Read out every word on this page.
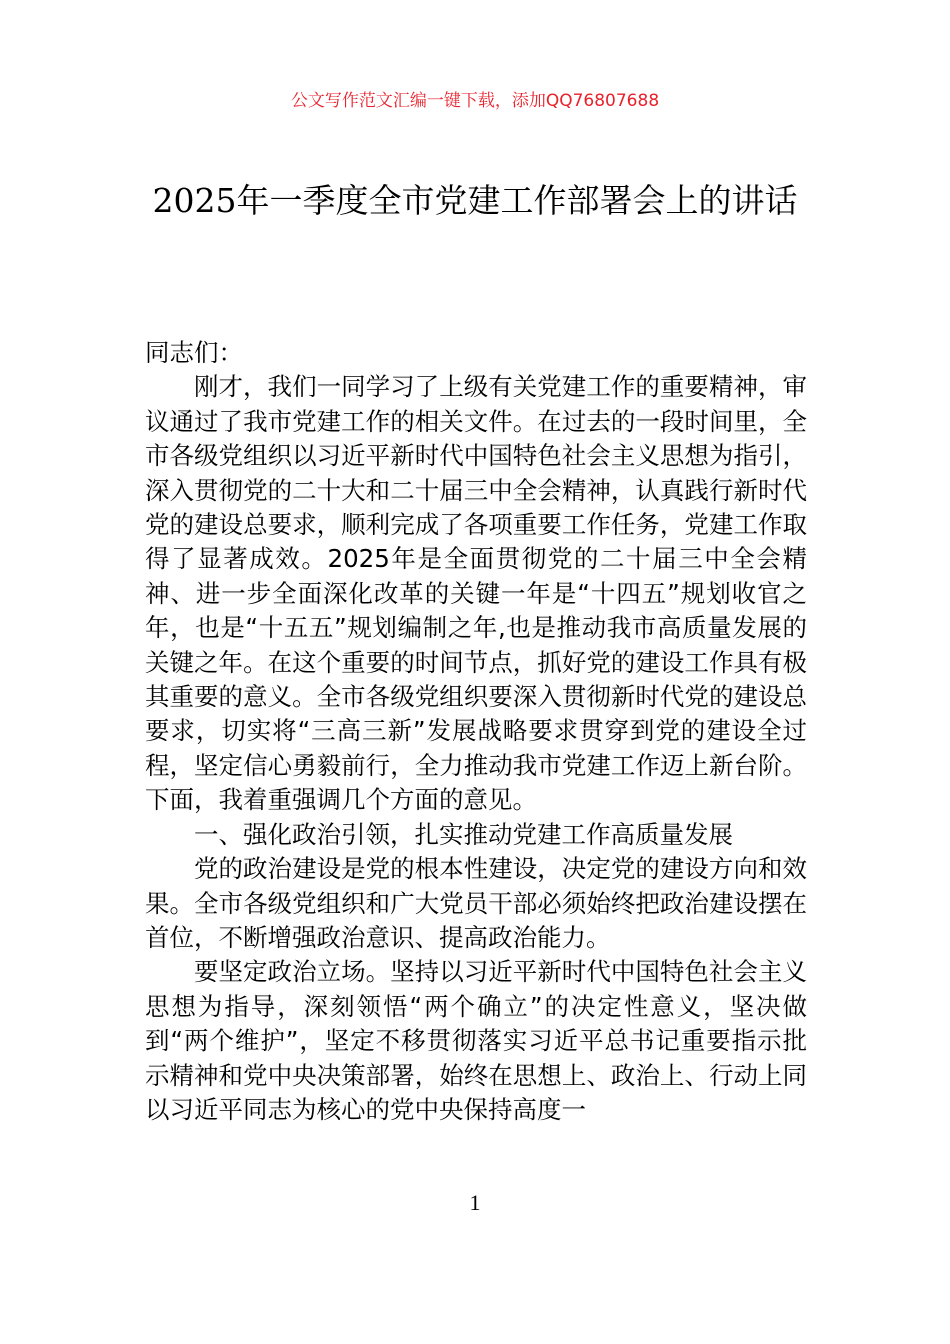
公文写作范文汇编一键下载，添加QQ76807688
2025年一季度全市党建工作部署会上的讲话

同志们：

刚才，我们一同学习了上级有关党建工作的重要精神，审议通过了我市党建工作的相关文件。在过去的一段时间里，全市各级党组织以习近平新时代中国特色社会主义思想为指引，深入贯彻党的二十大和二十届三中全会精神，认真践行新时代党的建设总要求，顺利完成了各项重要工作任务，党建工作取得了显著成效。2025年是全面贯彻党的二十届三中全会精神、进一步全面深化改革的关键一年是“十四五”规划收官之年，也是“十五五”规划编制之年,也是推动我市高质量发展的关键之年。在这个重要的时间节点，抓好党的建设工作具有极其重要的意义。全市各级党组织要深入贯彻新时代党的建设总要求，切实将“三高三新”发展战略要求贯穿到党的建设全过程，坚定信心勇毅前行，全力推动我市党建工作迈上新台阶。下面，我着重强调几个方面的意见。

一、强化政治引领，扎实推动党建工作高质量发展

党的政治建设是党的根本性建设，决定党的建设方向和效果。全市各级党组织和广大党员干部必须始终把政治建设摆在首位，不断增强政治意识、提高政治能力。

要坚定政治立场。坚持以习近平新时代中国特色社会主义思想为指导，深刻领悟“两个确立”的决定性意义，坚决做到“两个维护”，坚定不移贯彻落实习近平总书记重要指示批示精神和党中央决策部署，始终在思想上、政治上、行动上同以习近平同志为核心的党中央保持高度一

1
